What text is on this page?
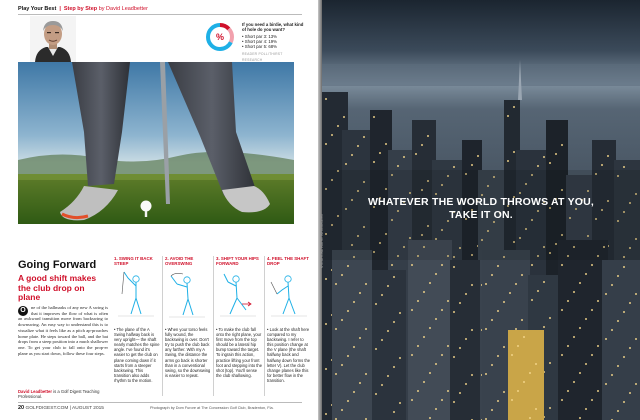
Play Your Best | Step by Step by David Leadbetter
%
If you need a birdie, what kind of hole do you want?
• Short par 3: 13%
• Short par 4: 19%
• Short par 5: 68%
READER POLL/THIRST RESEARCH
Going Forward
A good shift makes the club drop on plane
O	ne of the hallmarks of any new A swing is that it improves the flow of what is often an awkward transition move from backswing to downswing. An easy way to understand this is to visualize what it feels like as a pitch ap-proaches home plate. He steps toward the ball, and the bat drops from a steep position into a much shallower one. To get your club to fall onto the prop-er plane as you start down, follow these four steps.
David Leadbetter is a Golf Digest Teaching Professional.
1. SWING IT BACK STEEP
• The plane of the A Swing halfway back is very upright— the shaft nearly matches the spine angle. I've found it's easier to get the club on plane coming down if it starts from a steeper backswing. This transition also adds rhythm to the motion.
2. AVOID THE OVERSWING
• When your torso feels fully wound, the backswing is over. Don't try to push the club back any farther. With my A Swing, the distance the arms go back is shorter than in a conventional swing, so the downswing is easier to repeat.
3. SHIFT YOUR HIPS FORWARD
• To make the club fall onto the right plane, your first move from the top should be a lateral hip bump toward the target. To ingrain this action, practice lifting your front foot and stepping into the shot (top). You'll sense the club shallowing.
4. FEEL THE SHAFT DROP
• Look at the shaft here compared to my backswing. I refer to this position change at the V plane (the shaft halfway back and halfway down forms the letter V). Let the club change planes like this for better flow in the transition.
20 GOLFDIGEST.COM | AUGUST 2015	Photograph by Dom Furore at The Concession Golf Club, Bradenton, Fla.
WHATEVER THE WORLD THROWS AT YOU,
TAKE IT ON.
NYCSKYLINE PHOTO: ISTOCKPHOTO
